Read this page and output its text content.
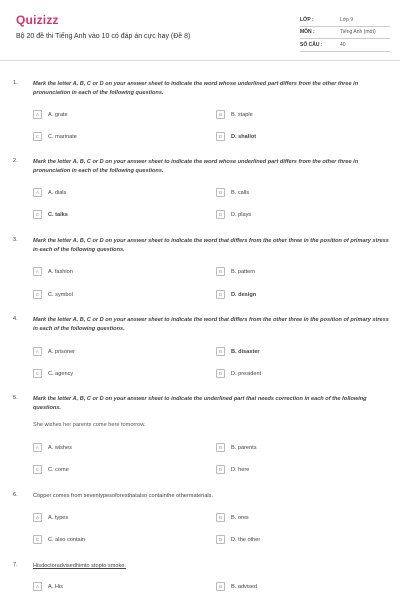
Quizizz
Bộ 20 đề thi Tiếng Anh vào 10 có đáp án cực hay (Đề 8)
LỚP :	Lớp 9
MÔN :	Tiếng Anh (mới)
SỐ CÂU :	40
1.	Mark the letter A, B, C or D on your answer sheet to indicate the word whose underlined part differs from the other three in pronunciation in each of the following questions.
A	A. grate	B	B. staple
C	C. marinate	D	D. shallot
2.	Mark the letter A, B, C or D on your answer sheet to indicate the word whose underlined part differs from the other three in pronunciation in each of the following questions.
A	A. dials	B	B. calls
C	C. talks	D	D. plays
3.	Mark the letter A, B, C or D on your answer sheet to indicate the word that differs from the other three in the position of primary stress in each of the following questions.
A	A. fashion	B	B. pattern
C	C. symbol	D	D. design
4.	Mark the letter A, B, C or D on your answer sheet to indicate the word that differs from the other three in the position of primary stress in each of the following questions.
A	A. prisoner	B	B. disaster
C	C. agency	D	D. president
5.	Mark the letter A, B, C or D on your answer sheet to indicate the underlined part that needs correction in each of the following questions.
She wishes her parents come here tomorrow.
A	A. wishes	B	B. parents
C	C. come	D	D. here
6.	Copper comes from seventypesoforesthatalso containthe othermaterials.
A	A. types	B	B. ores
C	C. also contain	D	D. the other
7.	Hisdoctoradvisedhimto stopto smoke.
A	A. His	B	B. advised
